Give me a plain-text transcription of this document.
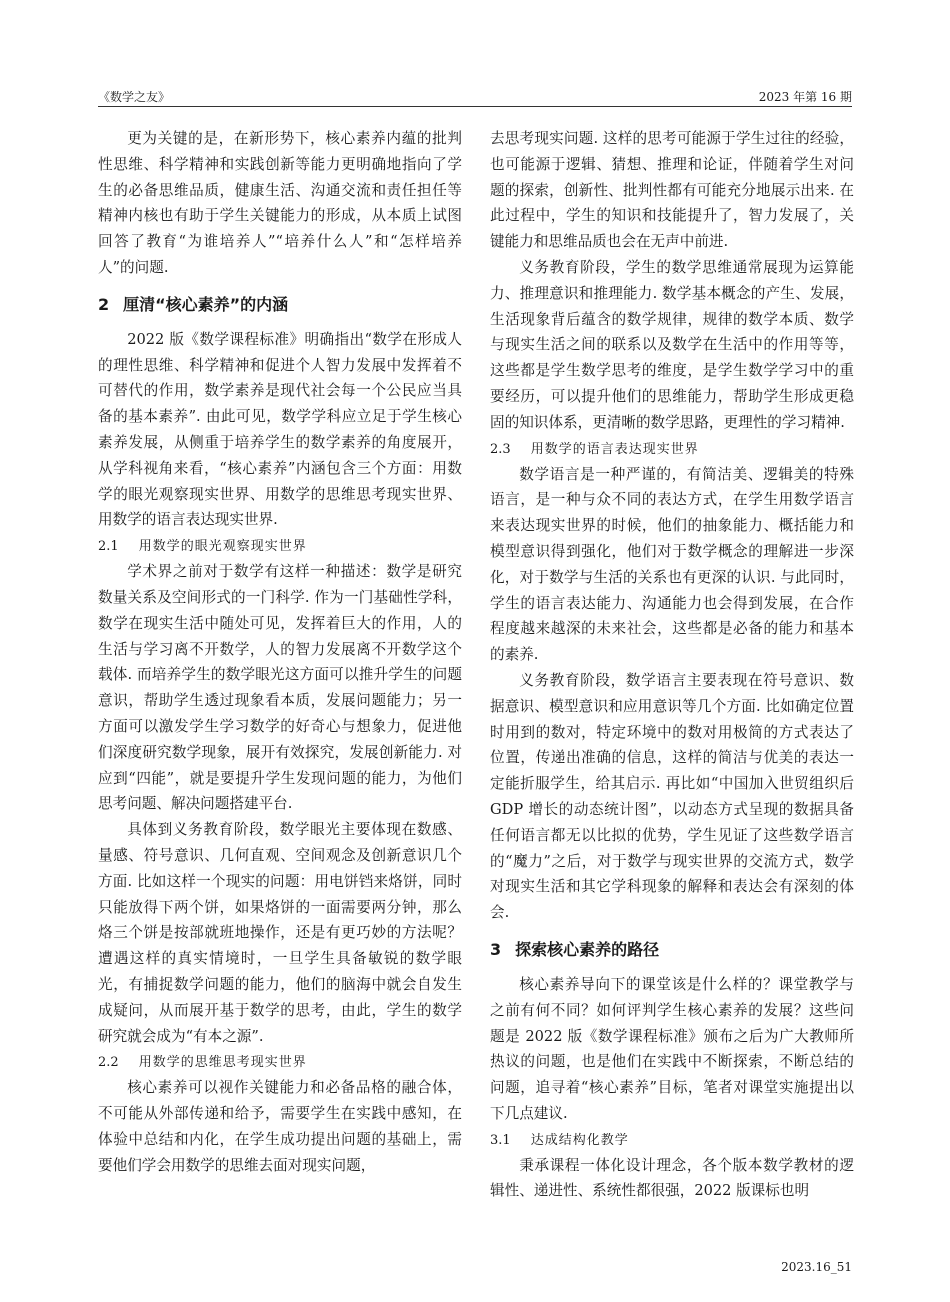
《数学之友》	2023 年第 16 期

更为关键的是，在新形势下，核心素养内蕴的批判性思维、科学精神和实践创新等能力更明确地指向了学生的必备思维品质，健康生活、沟通交流和责任担任等精神内核也有助于学生关键能力的形成，从本质上试图回答了教育“为谁培养人”“培养什么人”和“怎样培养人”的问题.

2 厘清“核心素养”的内涵

2022 版《数学课程标准》明确指出“数学在形成人的理性思维、科学精神和促进个人智力发展中发挥着不可替代的作用，数学素养是现代社会每一个公民应当具备的基本素养”. 由此可见，数学学科应立足于学生核心素养发展，从侧重于培养学生的数学素养的角度展开，从学科视角来看，“核心素养”内涵包含三个方面：用数学的眼光观察现实世界、用数学的思维思考现实世界、用数学的语言表达现实世界.

2.1 用数学的眼光观察现实世界

学术界之前对于数学有这样一种描述：数学是研究数量关系及空间形式的一门科学. 作为一门基础性学科，数学在现实生活中随处可见，发挥着巨大的作用，人的生活与学习离不开数学，人的智力发展离不开数学这个载体. 而培养学生的数学眼光这方面可以推升学生的问题意识，帮助学生透过现象看本质，发展问题能力；另一方面可以激发学生学习数学的好奇心与想象力，促进他们深度研究数学现象，展开有效探究，发展创新能力. 对应到“四能”，就是要提升学生发现问题的能力，为他们思考问题、解决问题搭建平台.

具体到义务教育阶段，数学眼光主要体现在数感、量感、符号意识、几何直观、空间观念及创新意识几个方面. 比如这样一个现实的问题：用电饼铛来烙饼，同时只能放得下两个饼，如果烙饼的一面需要两分钟，那么烙三个饼是按部就班地操作，还是有更巧妙的方法呢？遭遇这样的真实情境时，一旦学生具备敏锐的数学眼光，有捕捉数学问题的能力，他们的脑海中就会自发生成疑问，从而展开基于数学的思考，由此，学生的数学研究就会成为“有本之源”.

2.2 用数学的思维思考现实世界

核心素养可以视作关键能力和必备品格的融合体，不可能从外部传递和给予，需要学生在实践中感知，在体验中总结和内化，在学生成功提出问题的基础上，需要他们学会用数学的思维去面对现实问题，

去思考现实问题. 这样的思考可能源于学生过往的经验，也可能源于逻辑、猜想、推理和论证，伴随着学生对问题的探索，创新性、批判性都有可能充分地展示出来. 在此过程中，学生的知识和技能提升了，智力发展了，关键能力和思维品质也会在无声中前进.

义务教育阶段，学生的数学思维通常展现为运算能力、推理意识和推理能力. 数学基本概念的产生、发展，生活现象背后蕴含的数学规律，规律的数学本质、数学与现实生活之间的联系以及数学在生活中的作用等等，这些都是学生数学思考的维度，是学生数学学习中的重要经历，可以提升他们的思维能力，帮助学生形成更稳固的知识体系，更清晰的数学思路，更理性的学习精神.

2.3 用数学的语言表达现实世界

数学语言是一种严谨的，有简洁美、逻辑美的特殊语言，是一种与众不同的表达方式，在学生用数学语言来表达现实世界的时候，他们的抽象能力、概括能力和模型意识得到强化，他们对于数学概念的理解进一步深化，对于数学与生活的关系也有更深的认识. 与此同时，学生的语言表达能力、沟通能力也会得到发展，在合作程度越来越深的未来社会，这些都是必备的能力和基本的素养.

义务教育阶段，数学语言主要表现在符号意识、数据意识、模型意识和应用意识等几个方面. 比如确定位置时用到的数对，特定环境中的数对用极简的方式表达了位置，传递出准确的信息，这样的简洁与优美的表达一定能折服学生，给其启示. 再比如“中国加入世贸组织后 GDP 增长的动态统计图”，以动态方式呈现的数据具备任何语言都无以比拟的优势，学生见证了这些数学语言的“魔力”之后，对于数学与现实世界的交流方式，数学对现实生活和其它学科现象的解释和表达会有深刻的体会.

3 探索核心素养的路径

核心素养导向下的课堂该是什么样的？课堂教学与之前有何不同？如何评判学生核心素养的发展？这些问题是 2022 版《数学课程标准》颁布之后为广大教师所热议的问题，也是他们在实践中不断探索，不断总结的问题，追寻着“核心素养”目标，笔者对课堂实施提出以下几点建议.

3.1 达成结构化教学

秉承课程一体化设计理念，各个版本数学教材的逻辑性、递进性、系统性都很强，2022 版课标也明

2023.16_51
